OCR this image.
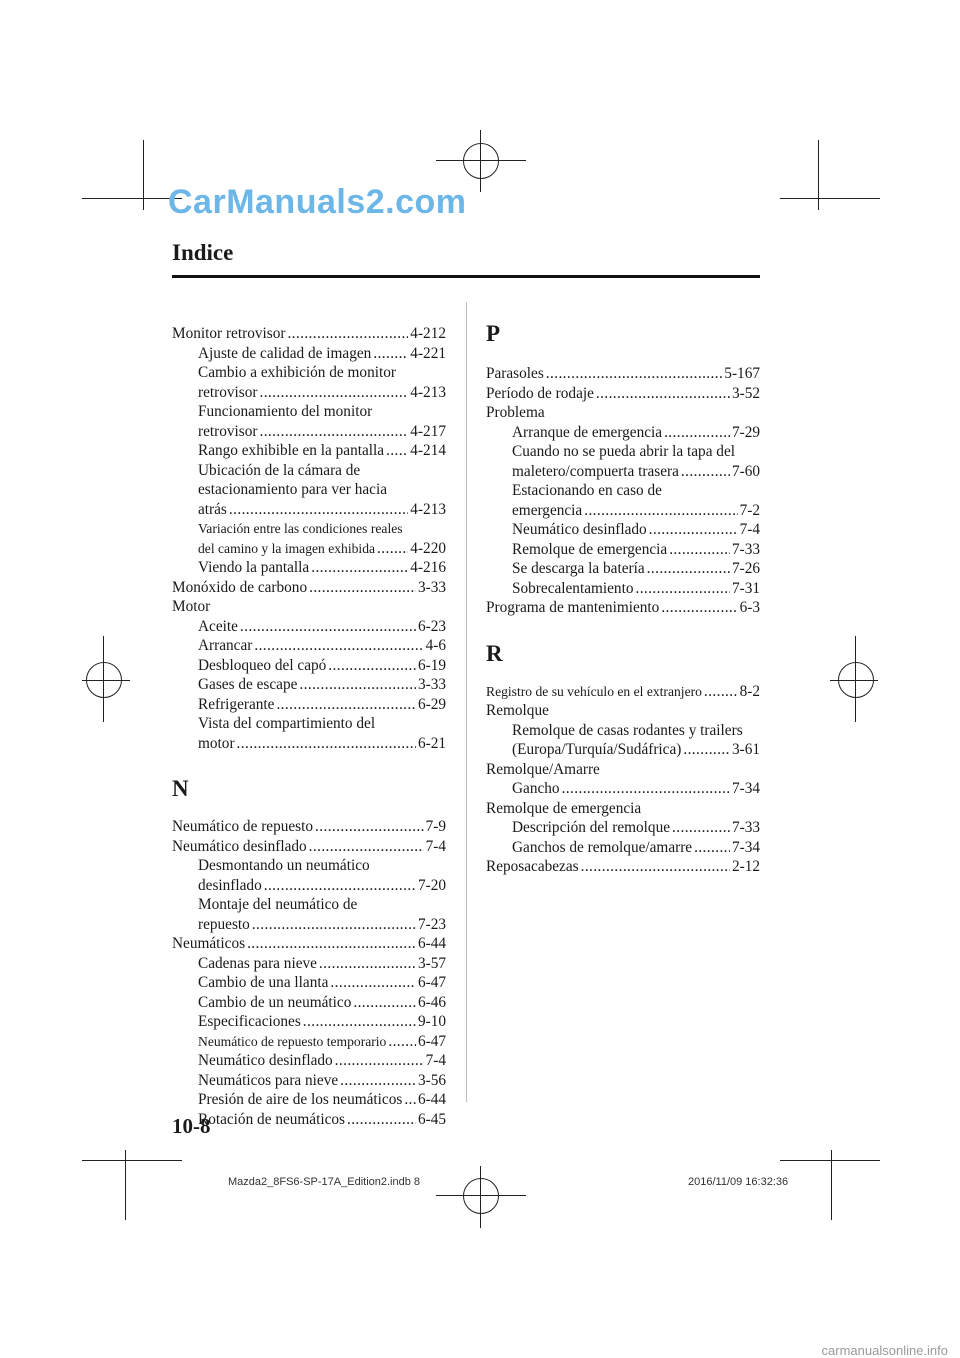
CarManuals2.com
Indice
Monitor retrovisor .....	4-212
Ajuste de calidad de imagen .....	4-221
Cambio a exhibición de monitor
retrovisor .....	4-213
Funcionamiento del monitor
retrovisor .....	4-217
Rango exhibible en la pantalla ..... 4-214
Ubicación de la cámara de
estacionamiento para ver hacia
atrás .....	4-213
Variación entre las condiciones reales
del camino y la imagen exhibida ..... 4-220
Viendo la pantalla .....	4-216
Monóxido de carbono .....	3-33
Motor
Aceite .....	6-23
Arrancar .....	4-6
Desbloqueo del capó .....	6-19
Gases de escape .....	3-33
Refrigerante .....	6-29
Vista del compartimiento del
motor .....	6-21
N
Neumático de repuesto .....	7-9
Neumático desinflado .....	7-4
Desmontando un neumático
desinflado .....	7-20
Montaje del neumático de
repuesto .....	7-23
Neumáticos .....	6-44
Cadenas para nieve .....	3-57
Cambio de una llanta .....	6-47
Cambio de un neumático .....	6-46
Especificaciones .....	9-10
Neumático de repuesto temporario ..... 6-47
Neumático desinflado .....	7-4
Neumáticos para nieve .....	3-56
Presión de aire de los neumáticos ..... 6-44
Rotación de neumáticos .....	6-45
P
Parasoles .....	5-167
Período de rodaje .....	3-52
Problema
Arranque de emergencia .....	7-29
Cuando no se pueda abrir la tapa del
maletero/compuerta trasera .....	7-60
Estacionando en caso de
emergencia .....	7-2
Neumático desinflado .....	7-4
Remolque de emergencia .....	7-33
Se descarga la batería .....	7-26
Sobrecalentamiento .....	7-31
Programa de mantenimiento .....	6-3
R
Registro de su vehículo en el extranjero ..... 8-2
Remolque
Remolque de casas rodantes y trailers
(Europa/Turquía/Sudáfrica) .....	3-61
Remolque/Amarre
Gancho .....	7-34
Remolque de emergencia
Descripción del remolque .....	7-33
Ganchos de remolque/amarre .....	7-34
Reposacabezas .....	2-12
10-8
Mazda2_8FS6-SP-17A_Edition2.indb 8	2016/11/09 16:32:36
carmanualsonline.info
